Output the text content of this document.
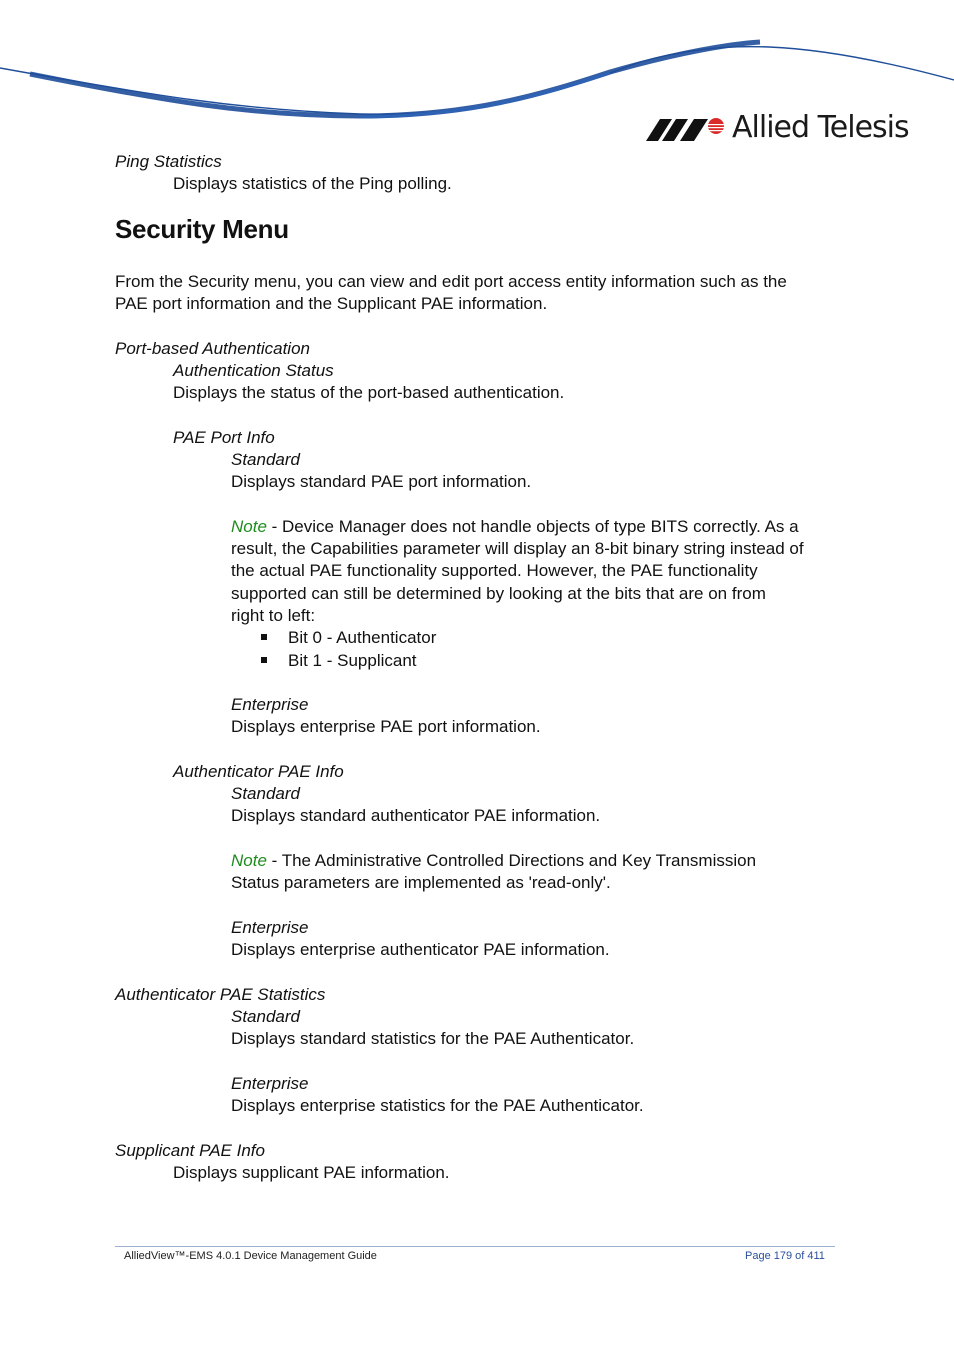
Allied Telesis
Ping Statistics
Displays statistics of the Ping polling.
Security Menu
From the Security menu, you can view and edit port access entity information such as the
PAE port information and the Supplicant PAE information.
Port-based Authentication
Authentication Status
Displays the status of the port-based authentication.
PAE Port Info
Standard
Displays standard PAE port information.
Note - Device Manager does not handle objects of type BITS correctly. As a
result, the Capabilities parameter will display an 8-bit binary string instead of
the actual PAE functionality supported. However, the PAE functionality
supported can still be determined by looking at the bits that are on from
right to left:
Bit 0 - Authenticator
Bit 1 - Supplicant
Enterprise
Displays enterprise PAE port information.
Authenticator PAE Info
Standard
Displays standard authenticator PAE information.
Note - The Administrative Controlled Directions and Key Transmission
Status parameters are implemented as 'read-only'.
Enterprise
Displays enterprise authenticator PAE information.
Authenticator PAE Statistics
Standard
Displays standard statistics for the PAE Authenticator.
Enterprise
Displays enterprise statistics for the PAE Authenticator.
Supplicant PAE Info
Displays supplicant PAE information.
AlliedView™-EMS 4.0.1 Device Management Guide	Page 179 of 411
